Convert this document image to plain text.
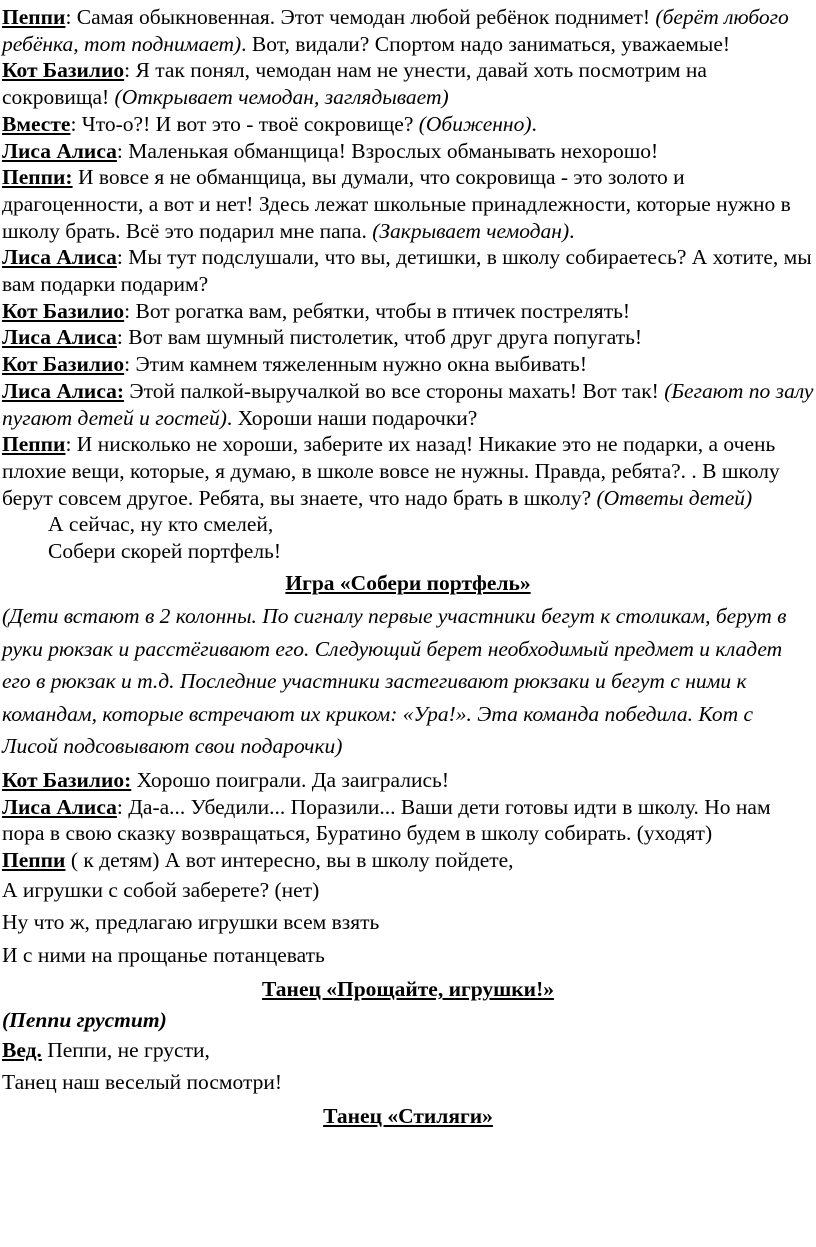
Пеппи: Самая обыкновенная. Этот чемодан любой ребёнок поднимет! (берёт любого ребёнка, тот поднимает). Вот, видали? Спортом надо заниматься, уважаемые!

Кот Базилио: Я так понял, чемодан нам не унести, давай хоть посмотрим на сокровища! (Открывает чемодан, заглядывает)

Вместе: Что-о?! И вот это - твоё сокровище? (Обиженно).

Лиса Алиса: Маленькая обманщица! Взрослых обманывать нехорошо!

Пеппи: И вовсе я не обманщица, вы думали, что сокровища - это золото и драгоценности, а вот и нет! Здесь лежат школьные принадлежности, которые нужно в школу брать. Всё это подарил мне папа. (Закрывает чемодан).

Лиса Алиса: Мы тут подслушали, что вы, детишки, в школу собираетесь? А хотите, мы вам подарки подарим?

Кот Базилио: Вот рогатка вам, ребятки, чтобы в птичек пострелять!

Лиса Алиса: Вот вам шумный пистолетик, чтоб друг друга попугать!

Кот Базилио: Этим камнем тяжеленным нужно окна выбивать!

Лиса Алиса: Этой палкой-выручалкой во все стороны махать! Вот так! (Бегают по залу пугают детей и гостей). Хороши наши подарочки?

Пеппи: И нисколько не хороши, заберите их назад! Никакие это не подарки, а очень плохие вещи, которые, я думаю, в школе вовсе не нужны. Правда, ребята?. . В школу берут совсем другое. Ребята, вы знаете, что надо брать в школу? (Ответы детей)

А сейчас, ну кто смелей,

Собери скорей портфель!

Игра «Собери портфель»

(Дети встают в 2 колонны. По сигналу первые участники бегут к столикам, берут в руки рюкзак и расстёгивают его. Следующий берет необходимый предмет и кладет его в рюкзак и т.д. Последние участники застегивают рюкзаки и бегут с ними к командам, которые встречают их криком: «Ура!». Эта команда победила. Кот с Лисой подсовывают свои подарочки)

Кот Базилио: Хорошо поиграли. Да заигрались!

Лиса Алиса: Да-а... Убедили... Поразили... Ваши дети готовы идти в школу. Но нам пора в свою сказку возвращаться, Буратино будем в школу собирать. (уходят)

Пеппи ( к детям) А вот интересно, вы в школу пойдете,

А игрушки с собой заберете? (нет)

Ну что ж, предлагаю игрушки всем взять

И с ними на прощанье потанцевать

Танец «Прощайте, игрушки!»

(Пеппи грустит)

Вед. Пеппи, не грусти,

Танец наш веселый посмотри!

Танец «Стиляги»
